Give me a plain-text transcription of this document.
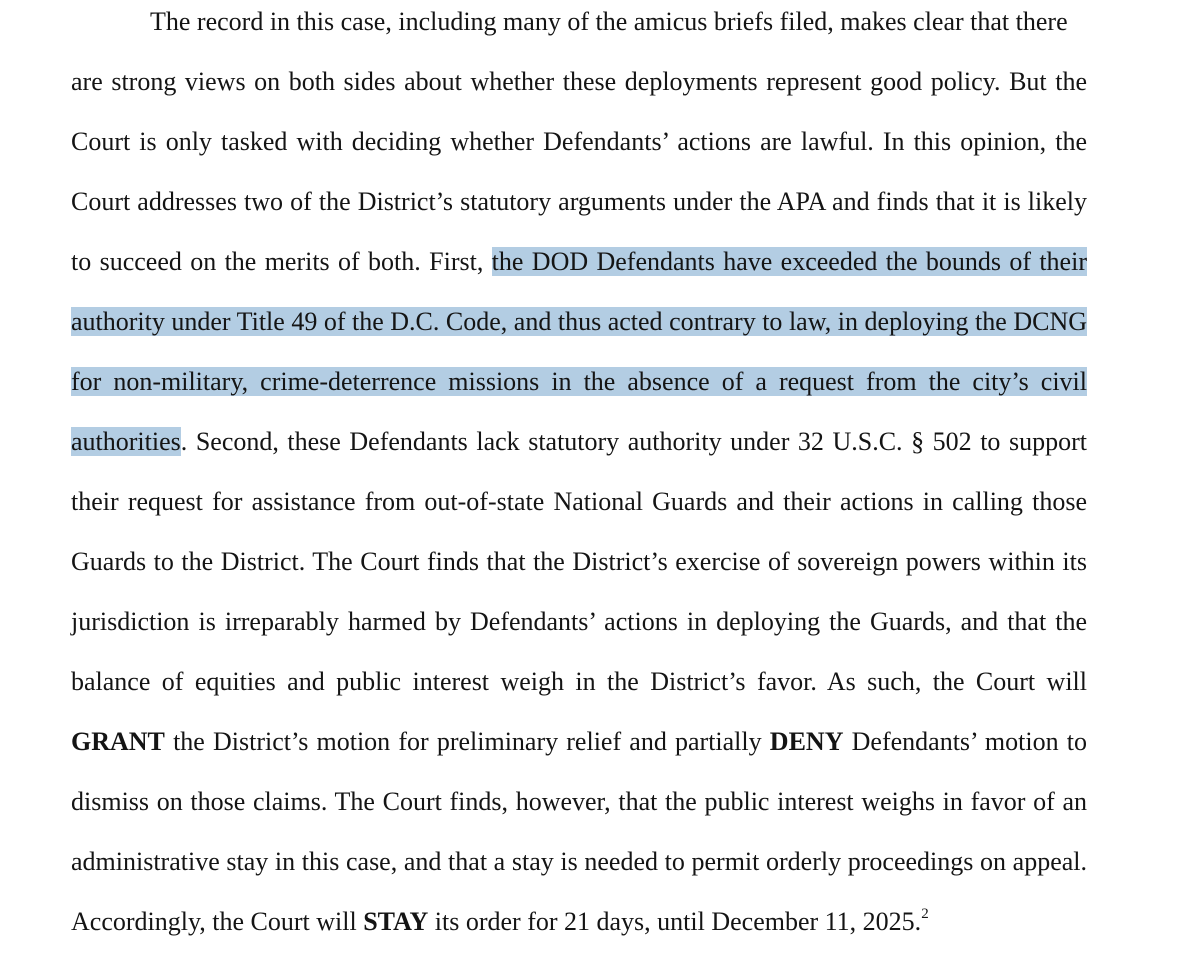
The record in this case, including many of the amicus briefs filed, makes clear that there
are strong views on both sides about whether these deployments represent good policy. But the
Court is only tasked with deciding whether Defendants’ actions are lawful. In this opinion, the
Court addresses two of the District’s statutory arguments under the APA and finds that it is likely
to succeed on the merits of both. First, the DOD Defendants have exceeded the bounds of their
authority under Title 49 of the D.C. Code, and thus acted contrary to law, in deploying the DCNG
for non-military, crime-deterrence missions in the absence of a request from the city’s civil
authorities. Second, these Defendants lack statutory authority under 32 U.S.C. § 502 to support
their request for assistance from out-of-state National Guards and their actions in calling those
Guards to the District. The Court finds that the District’s exercise of sovereign powers within its
jurisdiction is irreparably harmed by Defendants’ actions in deploying the Guards, and that the
balance of equities and public interest weigh in the District’s favor. As such, the Court will
GRANT the District’s motion for preliminary relief and partially DENY Defendants’ motion to
dismiss on those claims. The Court finds, however, that the public interest weighs in favor of an
administrative stay in this case, and that a stay is needed to permit orderly proceedings on appeal.
Accordingly, the Court will STAY its order for 21 days, until December 11, 2025.$^2$
